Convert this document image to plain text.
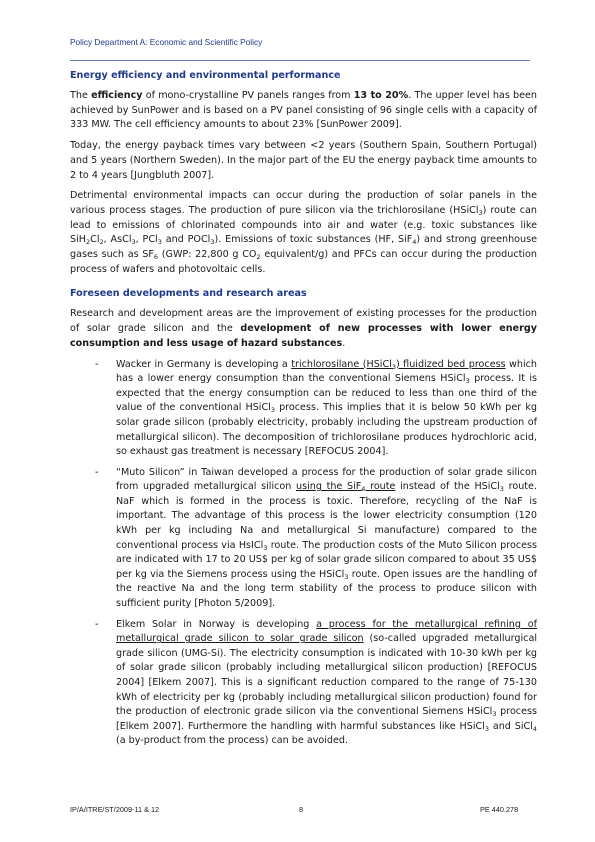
Policy Department A: Economic and Scientific Policy
Energy efficiency and environmental performance

The efficiency of mono-crystalline PV panels ranges from 13 to 20%. The upper level has been achieved by SunPower and is based on a PV panel consisting of 96 single cells with a capacity of 333 MW. The cell efficiency amounts to about 23% [SunPower 2009].

Today, the energy payback times vary between <2 years (Southern Spain, Southern Portugal) and 5 years (Northern Sweden). In the major part of the EU the energy payback time amounts to 2 to 4 years [Jungbluth 2007].

Detrimental environmental impacts can occur during the production of solar panels in the various process stages. The production of pure silicon via the trichlorosilane (HSiCl$_3$) route can lead to emissions of chlorinated compounds into air and water (e.g. toxic substances like $SiH_2Cl_2$, AsCl$_3$, PCl$_3$ and POCl$_3$). Emissions of toxic substances (HF, SiF$_4$) and strong greenhouse gases such as $SF_6$ (GWP: 22,800 g $CO_2$ equivalent/g) and PFCs can occur during the production process of wafers and photovoltaic cells.

Foreseen developments and research areas

Research and development areas are the improvement of existing processes for the production of solar grade silicon and the development of new processes with lower energy consumption and less usage of hazard substances.

- Wacker in Germany is developing a trichlorosilane (HSiCl$_3$) fluidized bed process which has a lower energy consumption than the conventional Siemens HSiCl$_3$ process. It is expected that the energy consumption can be reduced to less than one third of the value of the conventional HSiCl$_3$ process. This implies that it is below 50 kWh per kg solar grade silicon (probably electricity, probably including the upstream production of metallurgical silicon). The decomposition of trichlorosilane produces hydrochloric acid, so exhaust gas treatment is necessary [REFOCUS 2004].
- “Muto Silicon” in Taiwan developed a process for the production of solar grade silicon from upgraded metallurgical silicon using the SiF$_4$ route instead of the HSiCl$_3$ route. NaF which is formed in the process is toxic. Therefore, recycling of the NaF is important. The advantage of this process is the lower electricity consumption (120 kWh per kg including Na and metallurgical Si manufacture) compared to the conventional process via HsICl$_3$ route. The production costs of the Muto Silicon process are indicated with 17 to 20 US$ per kg of solar grade silicon compared to about 35 US$ per kg via the Siemens process using the HSiCl$_3$ route. Open issues are the handling of the reactive Na and the long term stability of the process to produce silicon with sufficient purity [Photon 5/2009].
- Elkem Solar in Norway is developing a process for the metallurgical refining of metallurgical grade silicon to solar grade silicon (so-called upgraded metallurgical grade silicon (UMG-Si). The electricity consumption is indicated with 10-30 kWh per kg of solar grade silicon (probably including metallurgical silicon production) [REFOCUS 2004] [Elkem 2007]. This is a significant reduction compared to the range of 75-130 kWh of electricity per kg (probably including metallurgical silicon production) found for the production of electronic grade silicon via the conventional Siemens HSiCl$_3$ process [Elkem 2007]. Furthermore the handling with harmful substances like HSiCl$_3$ and SiCl$_4$ (a by-product from the process) can be avoided.
IP/A/ITRE/ST/2009-11 & 12	8	PE 440.278
